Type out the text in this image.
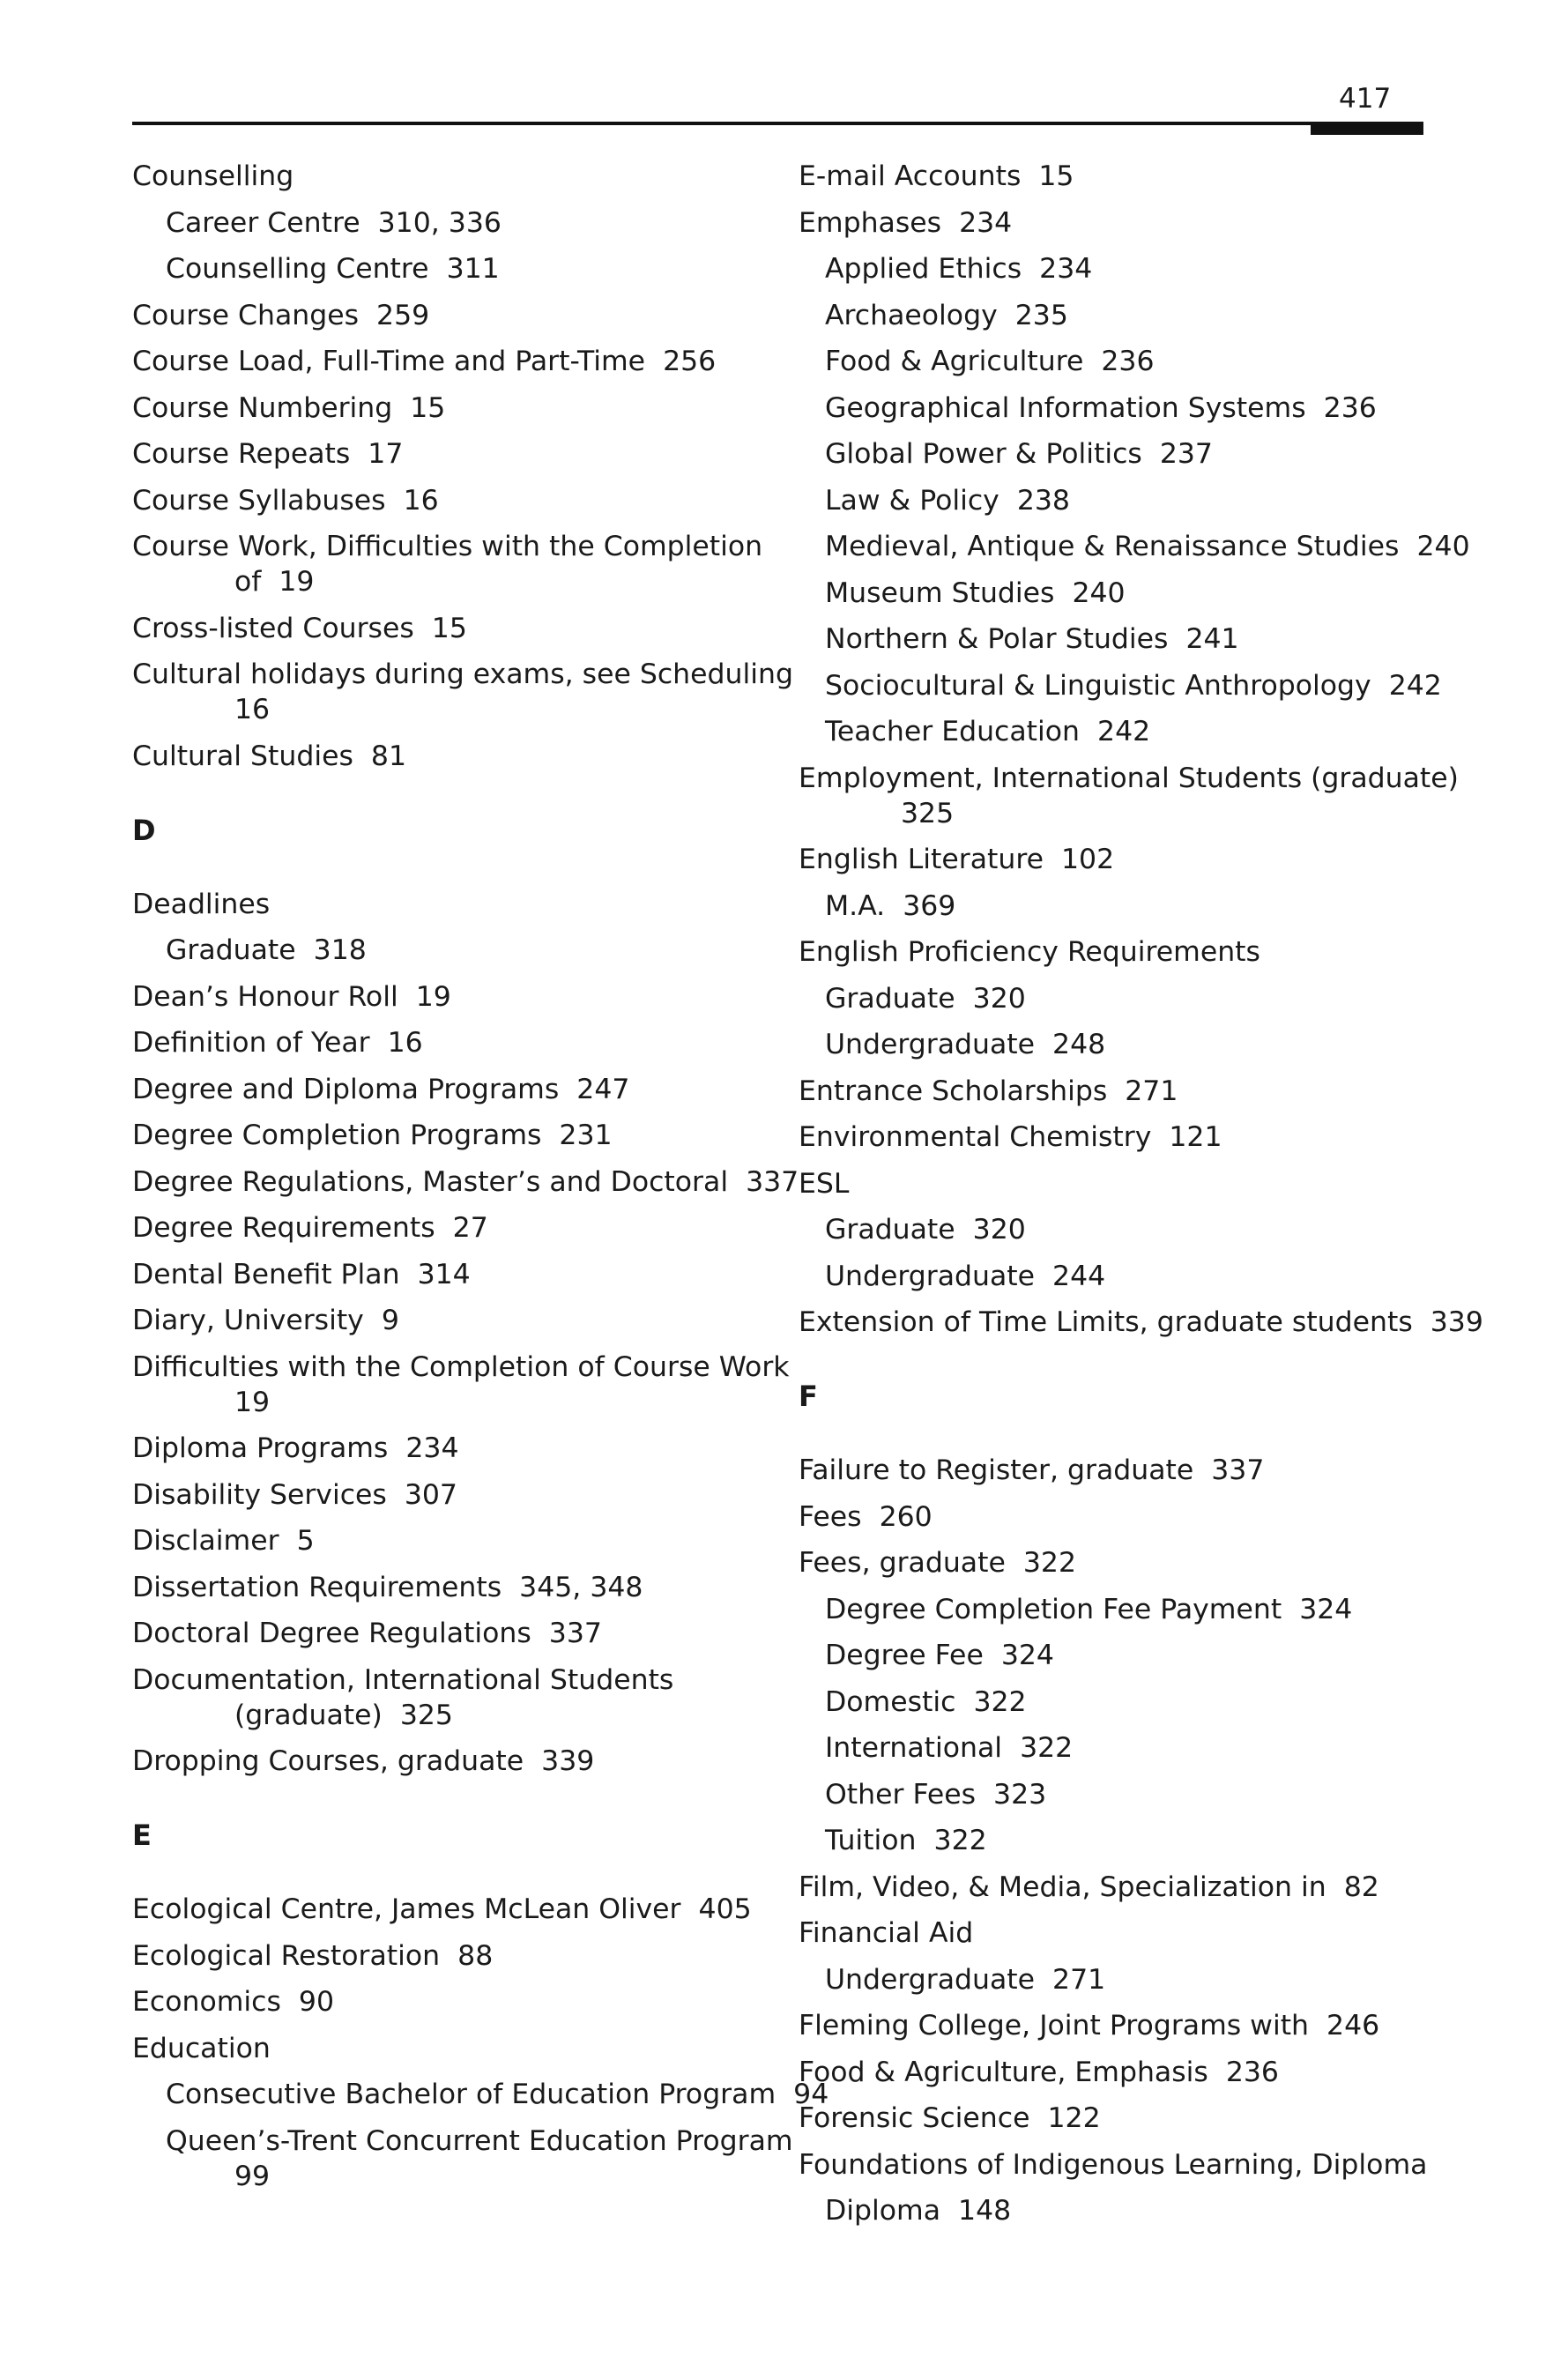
417
Counselling
Career Centre  310, 336
Counselling Centre  311
Course Changes  259
Course Load, Full-Time and Part-Time  256
Course Numbering  15
Course Repeats  17
Course Syllabuses  16
Course Work, Difficulties with the Completion
of  19
Cross-listed Courses  15
Cultural holidays during exams, see Scheduling
16
Cultural Studies  81
D
Deadlines
Graduate  318
Dean’s Honour Roll  19
Definition of Year  16
Degree and Diploma Programs  247
Degree Completion Programs  231
Degree Regulations, Master’s and Doctoral  337
Degree Requirements  27
Dental Benefit Plan  314
Diary, University  9
Difficulties with the Completion of Course Work
19
Diploma Programs  234
Disability Services  307
Disclaimer  5
Dissertation Requirements  345, 348
Doctoral Degree Regulations  337
Documentation, International Students
(graduate)  325
Dropping Courses, graduate  339
E
Ecological Centre, James McLean Oliver  405
Ecological Restoration  88
Economics  90
Education
Consecutive Bachelor of Education Program  94
Queen’s-Trent Concurrent Education Program
99
E-mail Accounts  15
Emphases  234
Applied Ethics  234
Archaeology  235
Food & Agriculture  236
Geographical Information Systems  236
Global Power & Politics  237
Law & Policy  238
Medieval, Antique & Renaissance Studies  240
Museum Studies  240
Northern & Polar Studies  241
Sociocultural & Linguistic Anthropology  242
Teacher Education  242
Employment, International Students (graduate)
325
English Literature  102
M.A.  369
English Proficiency Requirements
Graduate  320
Undergraduate  248
Entrance Scholarships  271
Environmental Chemistry  121
ESL
Graduate  320
Undergraduate  244
Extension of Time Limits, graduate students  339
F
Failure to Register, graduate  337
Fees  260
Fees, graduate  322
Degree Completion Fee Payment  324
Degree Fee  324
Domestic  322
International  322
Other Fees  323
Tuition  322
Film, Video, & Media, Specialization in  82
Financial Aid
Undergraduate  271
Fleming College, Joint Programs with  246
Food & Agriculture, Emphasis  236
Forensic Science  122
Foundations of Indigenous Learning, Diploma
Diploma  148
